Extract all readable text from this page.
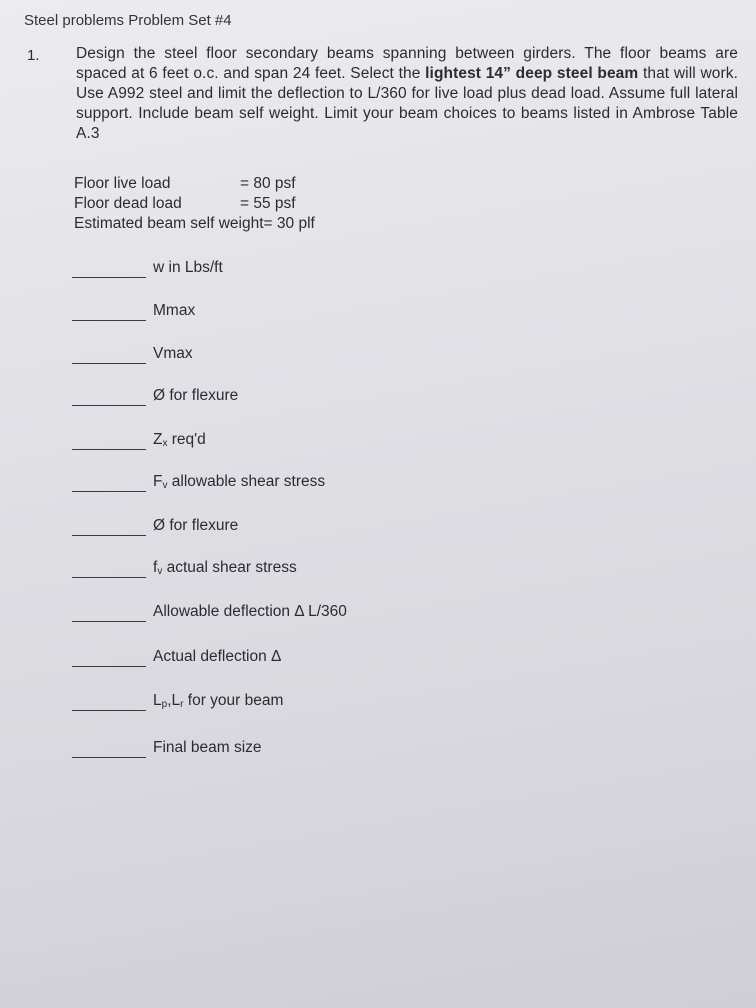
Steel problems Problem Set #4
1. Design the steel floor secondary beams spanning between girders. The floor beams are spaced at 6 feet o.c. and span 24 feet. Select the lightest 14” deep steel beam that will work. Use A992 steel and limit the deflection to L/360 for live load plus dead load. Assume full lateral support. Include beam self weight. Limit your beam choices to beams listed in Ambrose Table A.3
Floor live load	= 80 psf
Floor dead load	= 55 psf
Estimated beam self weight = 30 plf
w in Lbs/ft
Mmax
Vmax
Ø for flexure
$Z_x$ req'd
$F_v$ allowable shear stress
Ø for flexure
$f_v$ actual shear stress
Allowable deflection Δ L/360
Actual deflection Δ
$L_p,L_r$ for your beam
Final beam size
